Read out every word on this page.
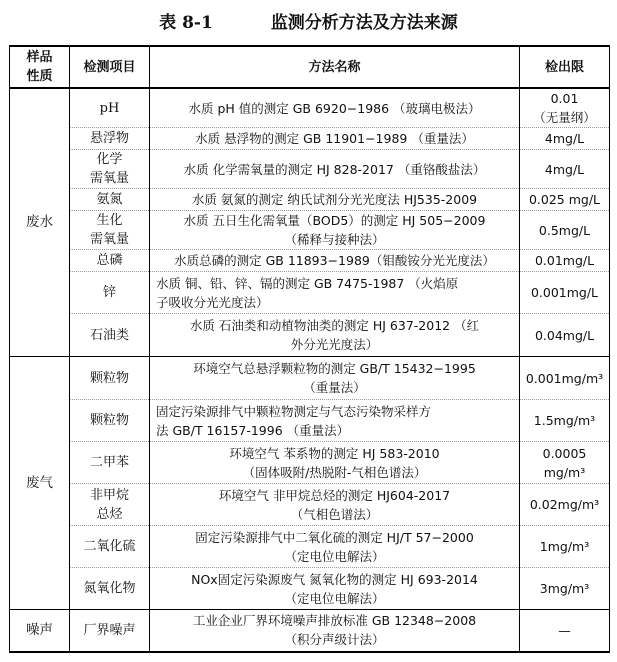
表 8-1	监测分析方法及方法来源
样品
性质	检测项目	方法名称	检出限
废水	pH	水质 pH 值的测定 GB 6920−1986 （玻璃电极法）	0.01
（无量纲）
	悬浮物	水质 悬浮物的测定 GB 11901−1989 （重量法）	4mg/L
	化学
需氧量	水质 化学需氧量的测定 HJ 828-2017 （重铬酸盐法）	4mg/L
	氨氮	水质 氨氮的测定 纳氏试剂分光光度法 HJ535-2009	0.025 mg/L
	生化
需氧量	水质 五日生化需氧量（BOD5）的测定 HJ 505−2009
（稀释与接种法）	0.5mg/L
	总磷	水质总磷的测定 GB 11893−1989（钼酸铵分光光度法）	0.01mg/L
	锌	水质 铜、铅、锌、镉的测定 GB 7475-1987 （火焰原
子吸收分光光度法）	0.001mg/L
	石油类	水质 石油类和动植物油类的测定 HJ 637-2012 （红
外分光光度法）	0.04mg/L
废气	颗粒物	环境空气总悬浮颗粒物的测定 GB/T 15432−1995
（重量法）	0.001mg/m³
	颗粒物	固定污染源排气中颗粒物测定与气态污染物采样方
法 GB/T 16157-1996 （重量法）	1.5mg/m³
	二甲苯	环境空气 苯系物的测定 HJ 583-2010
（固体吸附/热脱附-气相色谱法）	0.0005
mg/m³
	非甲烷
总烃	环境空气 非甲烷总烃的测定 HJ604-2017
（气相色谱法）	0.02mg/m³
	二氧化硫	固定污染源排气中二氧化硫的测定 HJ/T 57−2000
（定电位电解法）	1mg/m³
	氮氧化物	NOx固定污染源废气 氮氧化物的测定 HJ 693-2014
（定电位电解法）	3mg/m³
噪声	厂界噪声	工业企业厂界环境噪声排放标准 GB 12348−2008
（积分声级计法）	—
